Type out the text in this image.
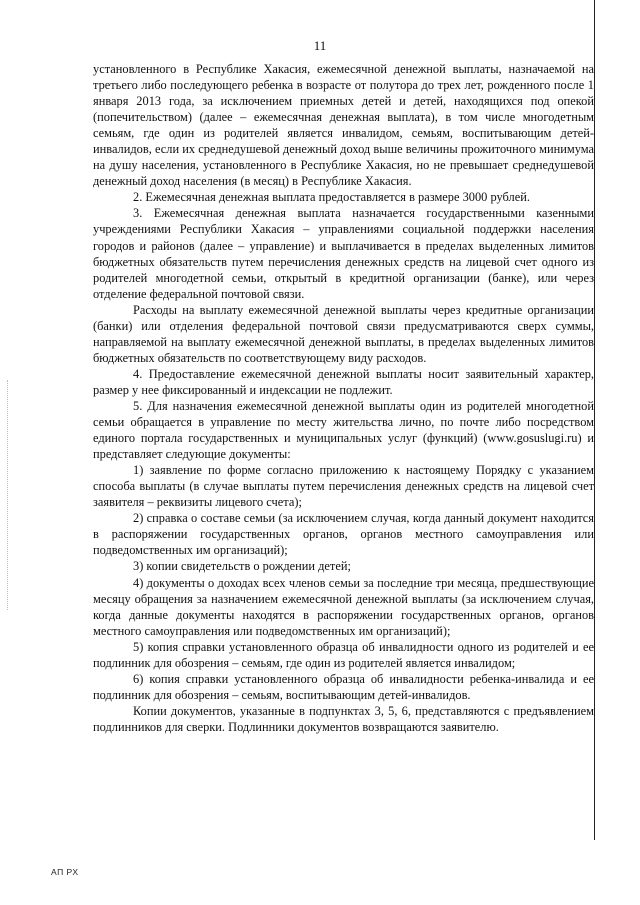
11

установленного в Республике Хакасия, ежемесячной денежной выплаты, назначаемой на третьего либо последующего ребенка в возрасте от полутора до трех лет, рожденного после 1 января 2013 года, за исключением приемных детей и детей, находящихся под опекой (попечительством) (далее – ежемесячная денежная выплата), в том числе многодетным семьям, где один из родителей является инвалидом, семьям, воспитывающим детей-инвалидов, если их среднедушевой денежный доход выше величины прожиточного минимума на душу населения, установленного в Республике Хакасия, но не превышает среднедушевой денежный доход населения (в месяц) в Республике Хакасия.

2. Ежемесячная денежная выплата предоставляется в размере 3000 рублей.

3. Ежемесячная денежная выплата назначается государственными казенными учреждениями Республики Хакасия – управлениями социальной поддержки населения городов и районов (далее – управление) и выплачивается в пределах выделенных лимитов бюджетных обязательств путем перечисления денежных средств на лицевой счет одного из родителей многодетной семьи, открытый в кредитной организации (банке), или через отделение федеральной почтовой связи.

Расходы на выплату ежемесячной денежной выплаты через кредитные организации (банки) или отделения федеральной почтовой связи предусматриваются сверх суммы, направляемой на выплату ежемесячной денежной выплаты, в пределах выделенных лимитов бюджетных обязательств по соответствующему виду расходов.

4. Предоставление ежемесячной денежной выплаты носит заявительный характер, размер у нее фиксированный и индексации не подлежит.

5. Для назначения ежемесячной денежной выплаты один из родителей многодетной семьи обращается в управление по месту жительства лично, по почте либо посредством единого портала государственных и муниципальных услуг (функций) (www.gosuslugi.ru) и представляет следующие документы:

1) заявление по форме согласно приложению к настоящему Порядку с указанием способа выплаты (в случае выплаты путем перечисления денежных средств на лицевой счет заявителя – реквизиты лицевого счета);

2) справка о составе семьи (за исключением случая, когда данный документ находится в распоряжении государственных органов, органов местного самоуправления или подведомственных им организаций);

3) копии свидетельств о рождении детей;

4) документы о доходах всех членов семьи за последние три месяца, предшествующие месяцу обращения за назначением ежемесячной денежной выплаты (за исключением случая, когда данные документы находятся в распоряжении государственных органов, органов местного самоуправления или подведомственных им организаций);

5) копия справки установленного образца об инвалидности одного из родителей и ее подлинник для обозрения – семьям, где один из родителей является инвалидом;

6) копия справки установленного образца об инвалидности ребенка-инвалида и ее подлинник для обозрения – семьям, воспитывающим детей-инвалидов.

Копии документов, указанные в подпунктах 3, 5, 6, представляются с предъявлением подлинников для сверки. Подлинники документов возвращаются заявителю.

АП РХ
